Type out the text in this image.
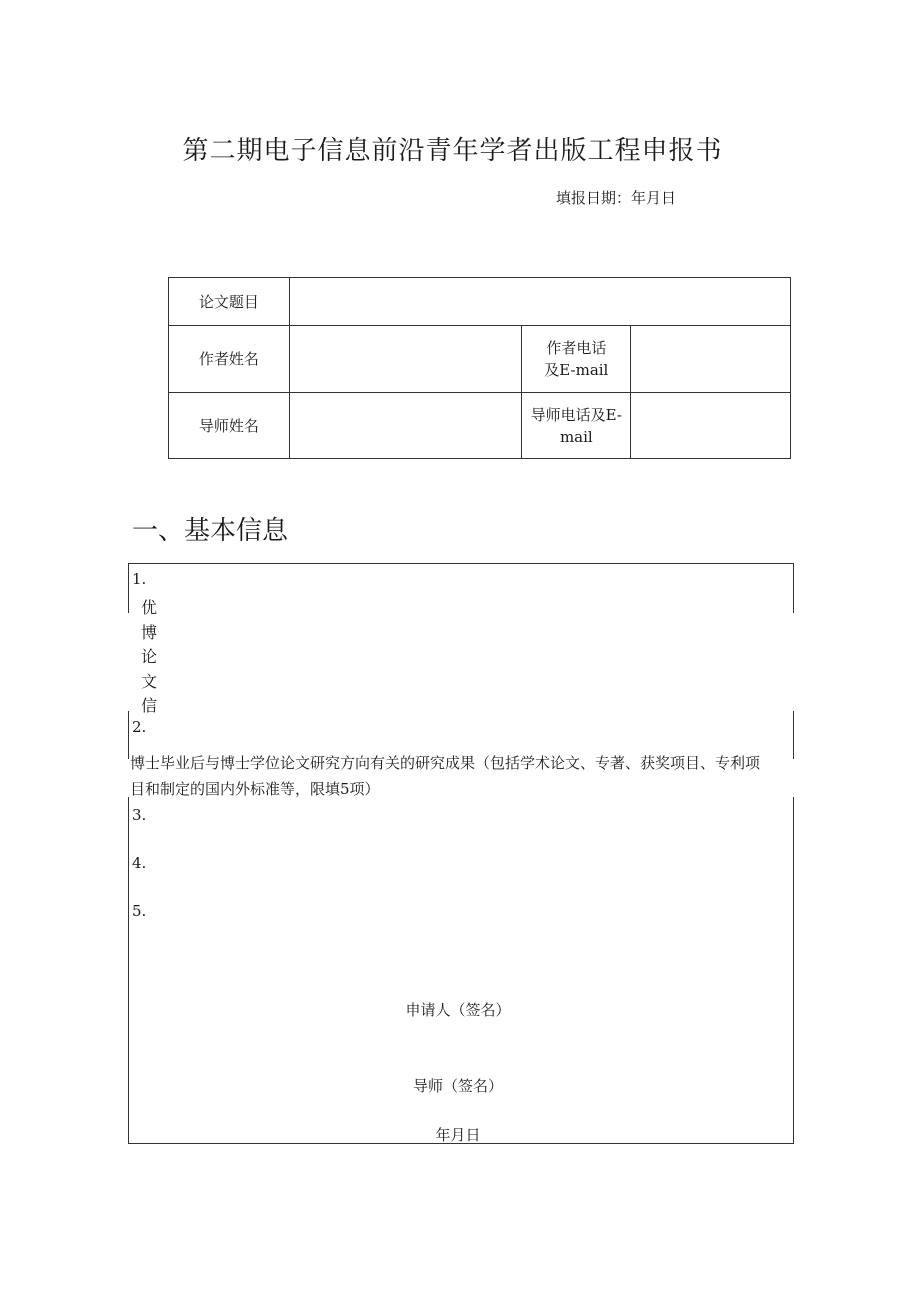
第二期电子信息前沿青年学者出版工程申报书
填报日期：年月日
论文题目			
作者姓名		作者电话
及E-mail	

导师姓名		导师电话及E-
mail	

一、基本信息
1.
优
博
论
文
信
2.
博士毕业后与博士学位论文研究方向有关的研究成果（包括学术论文、专著、获奖项目、专利项目和制定的国内外标准等，限填5项）
3.
4.
5.
申请人（签名）
导师（签名）
年月日
